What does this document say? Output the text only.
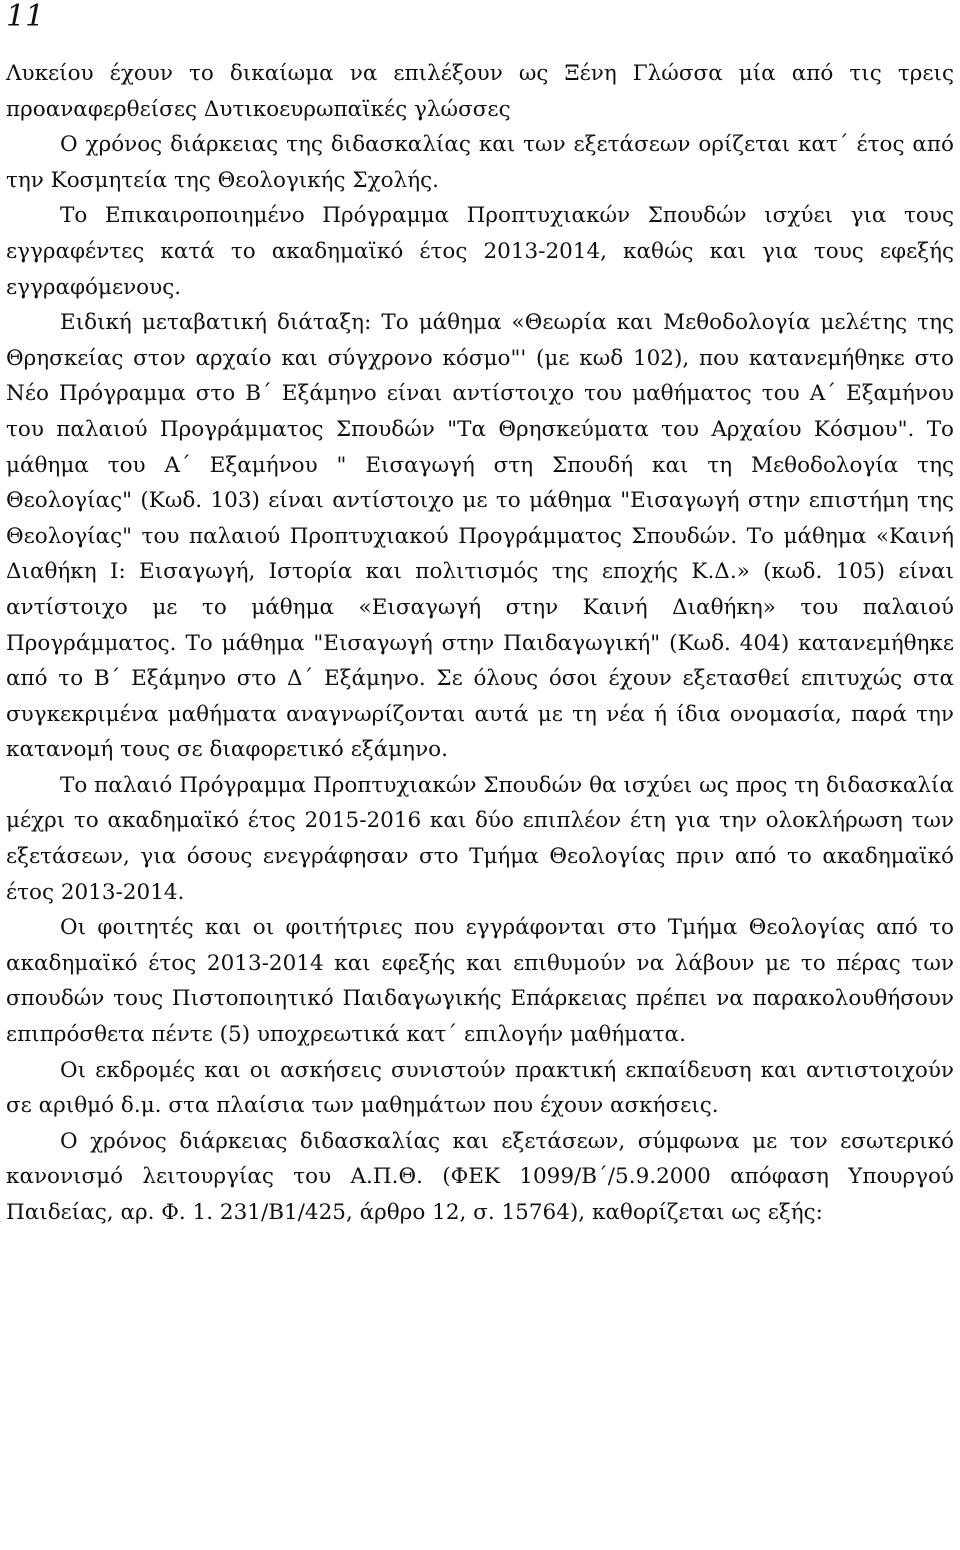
11

Λυκείου έχουν το δικαίωμα να επιλέξουν ως Ξένη Γλώσσα μία από τις τρεις προαναφερθείσες Δυτικοευρωπαϊκές γλώσσες

Ο χρόνος διάρκειας της διδασκαλίας και των εξετάσεων ορίζεται κατ΄ έτος από την Κοσμητεία της Θεολογικής Σχολής.

Το Επικαιροποιημένο Πρόγραμμα Προπτυχιακών Σπουδών ισχύει για τους εγγραφέντες κατά το ακαδημαϊκό έτος 2013-2014, καθώς και για τους εφεξής εγγραφόμενους.

Ειδική μεταβατική διάταξη: Το μάθημα «Θεωρία και Μεθοδολογία μελέτης της Θρησκείας στον αρχαίο και σύγχρονο κόσμο"' (με κωδ 102), που κατανεμήθηκε στο Νέο Πρόγραμμα στο Β΄ Εξάμηνο είναι αντίστοιχο του μαθήματος του Α΄ Εξαμήνου του παλαιού Προγράμματος Σπουδών "Τα Θρησκεύματα του Αρχαίου Κόσμου". Το μάθημα του Α΄ Εξαμήνου " Εισαγωγή στη Σπουδή και τη Μεθοδολογία της Θεολογίας" (Κωδ. 103) είναι αντίστοιχο με το μάθημα "Εισαγωγή στην επιστήμη της Θεολογίας" του παλαιού Προπτυχιακού Προγράμματος Σπουδών. Το μάθημα «Καινή Διαθήκη Ι: Εισαγωγή, Ιστορία και πολιτισμός της εποχής Κ.Δ.» (κωδ. 105) είναι αντίστοιχο με το μάθημα «Εισαγωγή στην Καινή Διαθήκη» του παλαιού Προγράμματος. Το μάθημα "Εισαγωγή στην Παιδαγωγική" (Κωδ. 404) κατανεμήθηκε από το Β΄ Εξάμηνο στο Δ΄ Εξάμηνο. Σε όλους όσοι έχουν εξετασθεί επιτυχώς στα συγκεκριμένα μαθήματα αναγνωρίζονται αυτά με τη νέα ή ίδια ονομασία, παρά την κατανομή τους σε διαφορετικό εξάμηνο.

Το παλαιό Πρόγραμμα Προπτυχιακών Σπουδών θα ισχύει ως προς τη διδασκαλία μέχρι το ακαδημαϊκό έτος 2015-2016 και δύο επιπλέον έτη για την ολοκλήρωση των εξετάσεων, για όσους ενεγράφησαν στο Τμήμα Θεολογίας πριν από το ακαδημαϊκό έτος 2013-2014.

Οι φοιτητές και οι φοιτήτριες που εγγράφονται στο Τμήμα Θεολογίας από το ακαδημαϊκό έτος 2013-2014 και εφεξής και επιθυμούν να λάβουν με το πέρας των σπουδών τους Πιστοποιητικό Παιδαγωγικής Επάρκειας πρέπει να παρακολουθήσουν επιπρόσθετα πέντε (5) υποχρεωτικά κατ΄ επιλογήν μαθήματα.

Οι εκδρομές και οι ασκήσεις συνιστούν πρακτική εκπαίδευση και αντιστοιχούν σε αριθμό δ.μ. στα πλαίσια των μαθημάτων που έχουν ασκήσεις.

Ο χρόνος διάρκειας διδασκαλίας και εξετάσεων, σύμφωνα με τον εσωτερικό κανονισμό λειτουργίας του Α.Π.Θ. (ΦΕΚ 1099/Β΄/5.9.2000 απόφαση Υπουργού Παιδείας, αρ. Φ. 1. 231/Β1/425, άρθρο 12, σ. 15764), καθορίζεται ως εξής:
